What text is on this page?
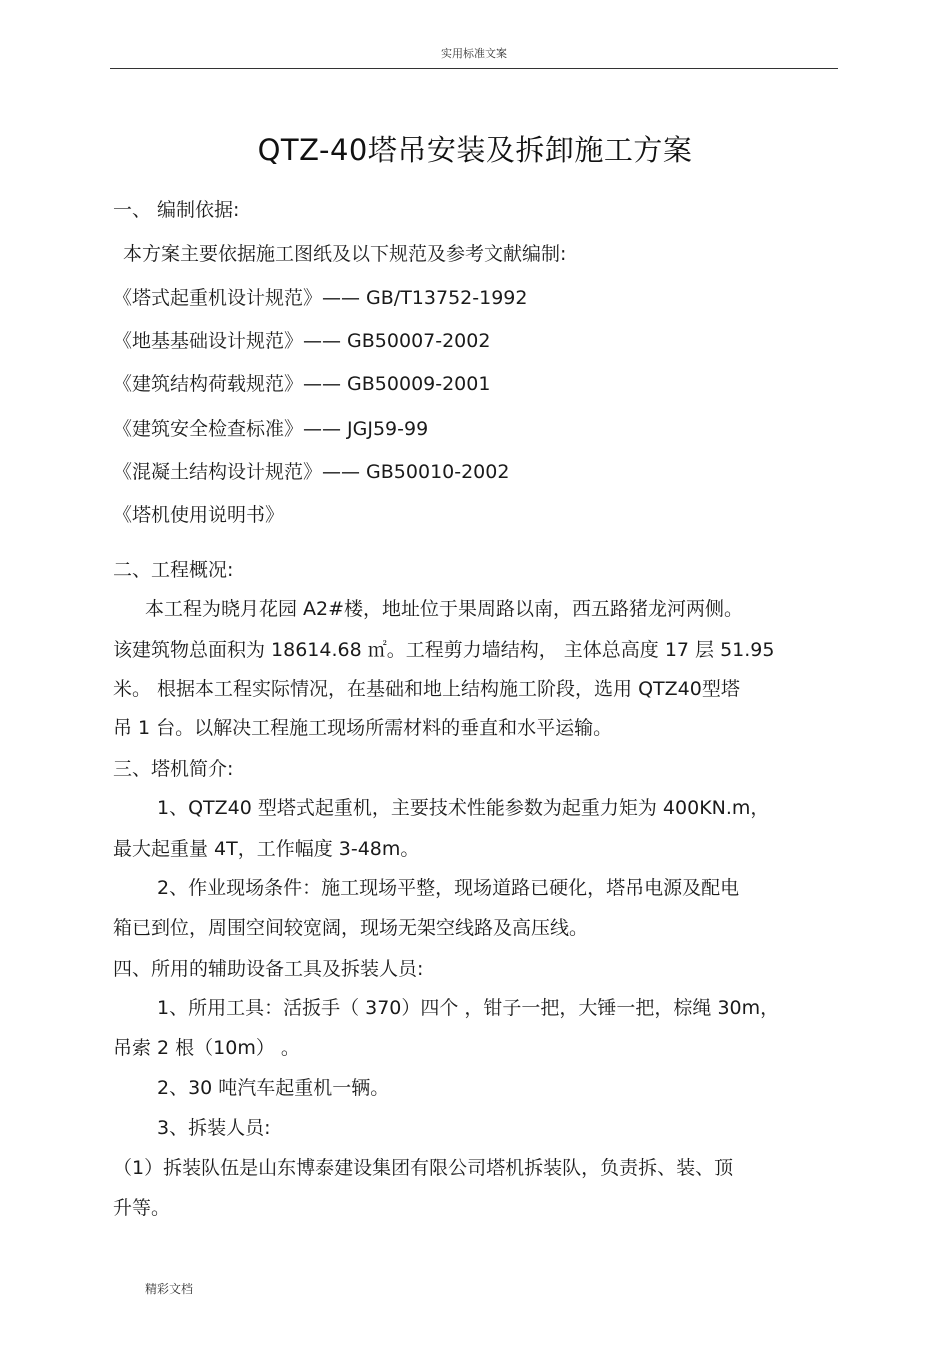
实用标准文案
QTZ-40塔吊安装及拆卸施工方案
一、 编制依据:
本方案主要依据施工图纸及以下规范及参考文献编制:
《塔式起重机设计规范》—— GB/T13752-1992
《地基基础设计规范》—— GB50007-2002
《建筑结构荷载规范》—— GB50009-2001
《建筑安全检查标准》—— JGJ59-99
《混凝土结构设计规范》—— GB50010-2002
《塔机使用说明书》
二、工程概况:
本工程为晓月花园 A2#楼，地址位于果周路以南，西五路猪龙河两侧。
该建筑物总面积为 18614.68 ㎡。工程剪力墙结构， 主体总高度 17 层 51.95
米。 根据本工程实际情况，在基础和地上结构施工阶段，选用 QTZ40型塔
吊 1 台。以解决工程施工现场所需材料的垂直和水平运输。
三、塔机简介:
1、QTZ40 型塔式起重机，主要技术性能参数为起重力矩为 400KN.m，
最大起重量 4T，工作幅度 3-48m。
2、作业现场条件：施工现场平整，现场道路已硬化，塔吊电源及配电
箱已到位，周围空间较宽阔，现场无架空线路及高压线。
四、所用的辅助设备工具及拆装人员:
1、所用工具：活扳手（ 370）四个 ，钳子一把，大锤一把，棕绳 30m，
吊索 2 根（10m） 。
2、30 吨汽车起重机一辆。
3、拆装人员:
（1）拆装队伍是山东博泰建设集团有限公司塔机拆装队，负责拆、装、顶
升等。
精彩文档
